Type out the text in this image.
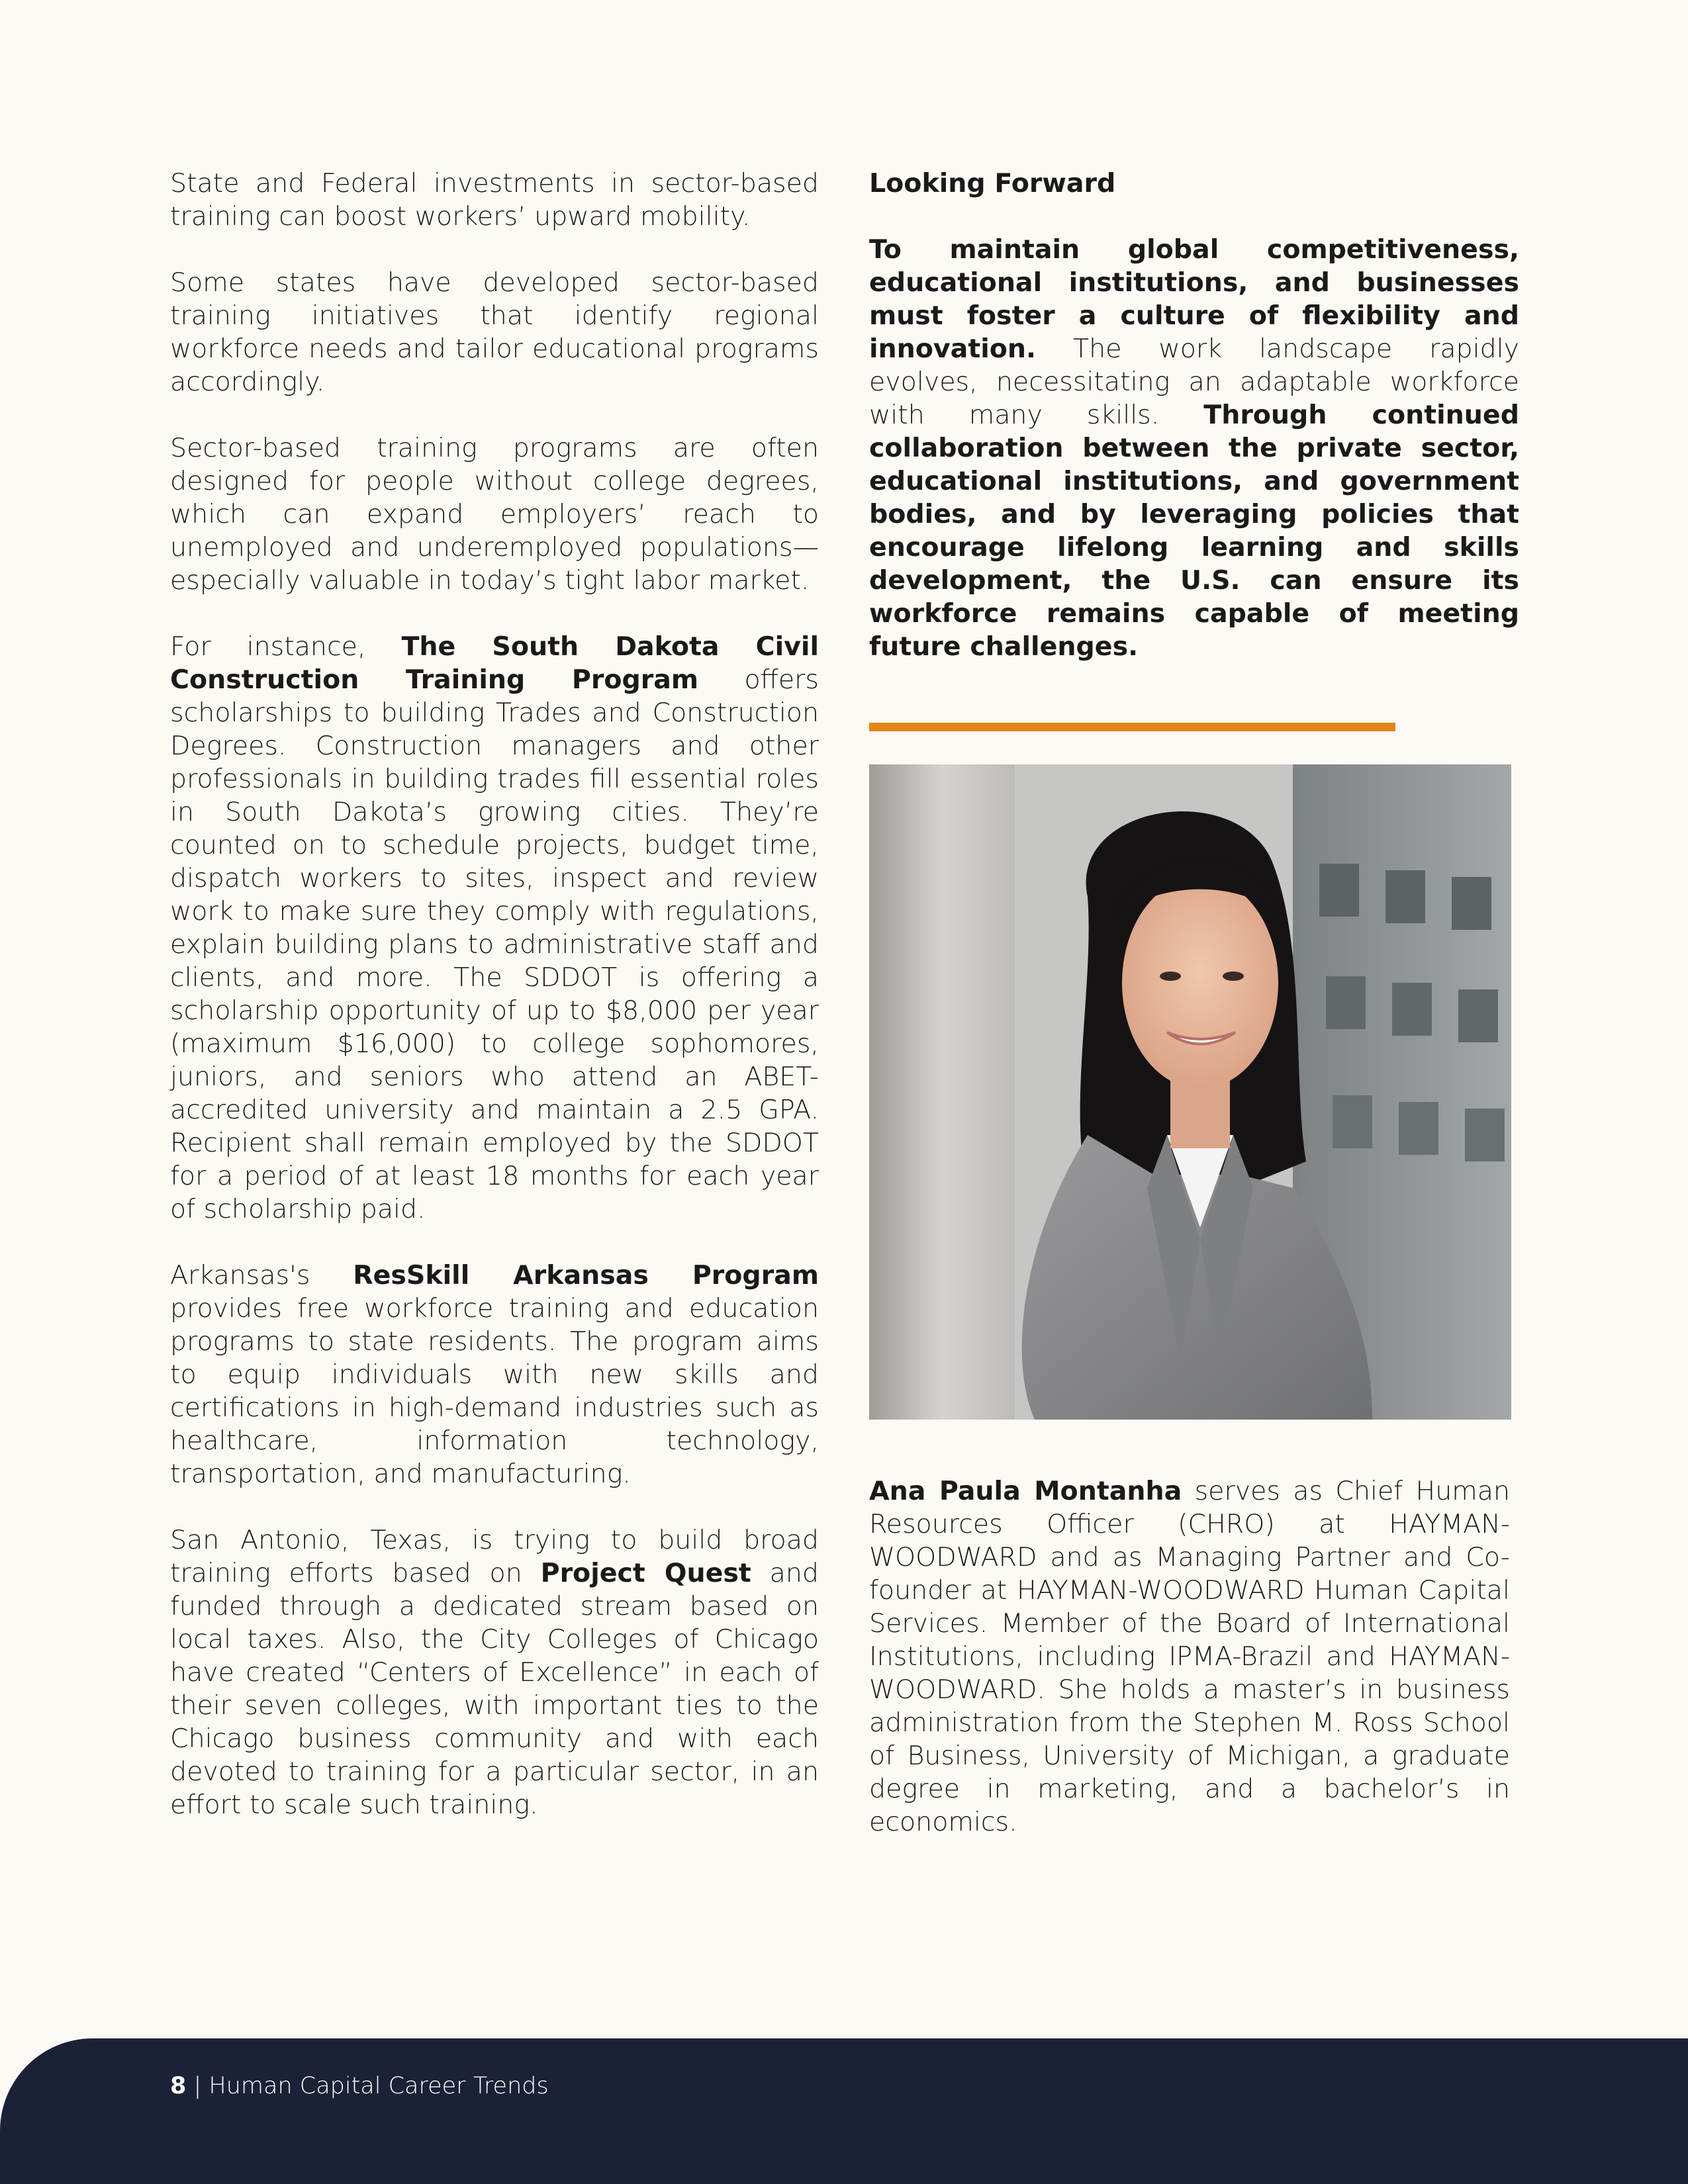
State and Federal investments in sector-based training can boost workers’ upward mobility.

Some states have developed sector-based training initiatives that identify regional workforce needs and tailor educational programs accordingly.

Sector-based training programs are often designed for people without college degrees, which can expand employers’ reach to unemployed and underemployed populations—especially valuable in today’s tight labor market.

For instance, The South Dakota Civil Construction Training Program offers scholarships to building Trades and Construction Degrees. Construction managers and other professionals in building trades fill essential roles in South Dakota’s growing cities. They’re counted on to schedule projects, budget time, dispatch workers to sites, inspect and review work to make sure they comply with regulations, explain building plans to administrative staff and clients, and more. The SDDOT is offering a scholarship opportunity of up to $8,000 per year (maximum $16,000) to college sophomores, juniors, and seniors who attend an ABET-accredited university and maintain a 2.5 GPA. Recipient shall remain employed by the SDDOT for a period of at least 18 months for each year of scholarship paid.

Arkansas's ResSkill Arkansas Program provides free workforce training and education programs to state residents. The program aims to equip individuals with new skills and certifications in high-demand industries such as healthcare, information technology, transportation, and manufacturing.

San Antonio, Texas, is trying to build broad training efforts based on Project Quest and funded through a dedicated stream based on local taxes. Also, the City Colleges of Chicago have created “Centers of Excellence” in each of their seven colleges, with important ties to the Chicago business community and with each devoted to training for a particular sector, in an effort to scale such training.

Looking Forward

To maintain global competitiveness, educational institutions, and businesses must foster a culture of flexibility and innovation. The work landscape rapidly evolves, necessitating an adaptable workforce with many skills. Through continued collaboration between the private sector, educational institutions, and government bodies, and by leveraging policies that encourage lifelong learning and skills development, the U.S. can ensure its workforce remains capable of meeting future challenges.

Ana Paula Montanha serves as Chief Human Resources Officer (CHRO) at HAYMAN-WOODWARD and as Managing Partner and Co-founder at HAYMAN-WOODWARD Human Capital Services. Member of the Board of International Institutions, including IPMA-Brazil and HAYMAN-WOODWARD. She holds a master’s in business administration from the Stephen M. Ross School of Business, University of Michigan, a graduate degree in marketing, and a bachelor’s in economics.
8 | Human Capital Career Trends
